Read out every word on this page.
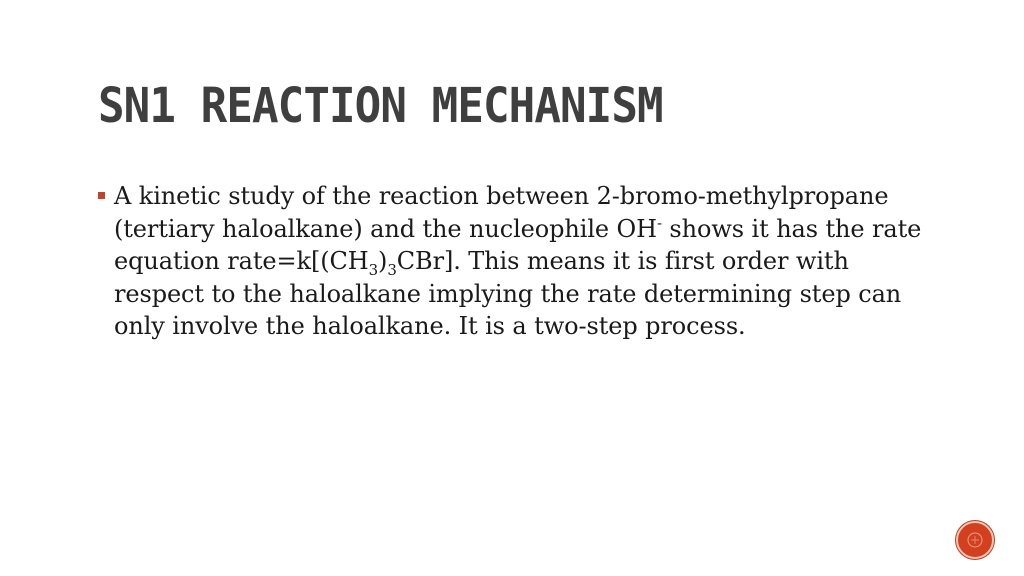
SN1 REACTION MECHANISM

A kinetic study of the reaction between 2-bromo-methylpropane (tertiary haloalkane) and the nucleophile OH- shows it has the rate equation $rate=k[(CH_3)_3CBr]$. This means it is first order with respect to the haloalkane implying the rate determining step can only involve the haloalkane. It is a two-step process.
